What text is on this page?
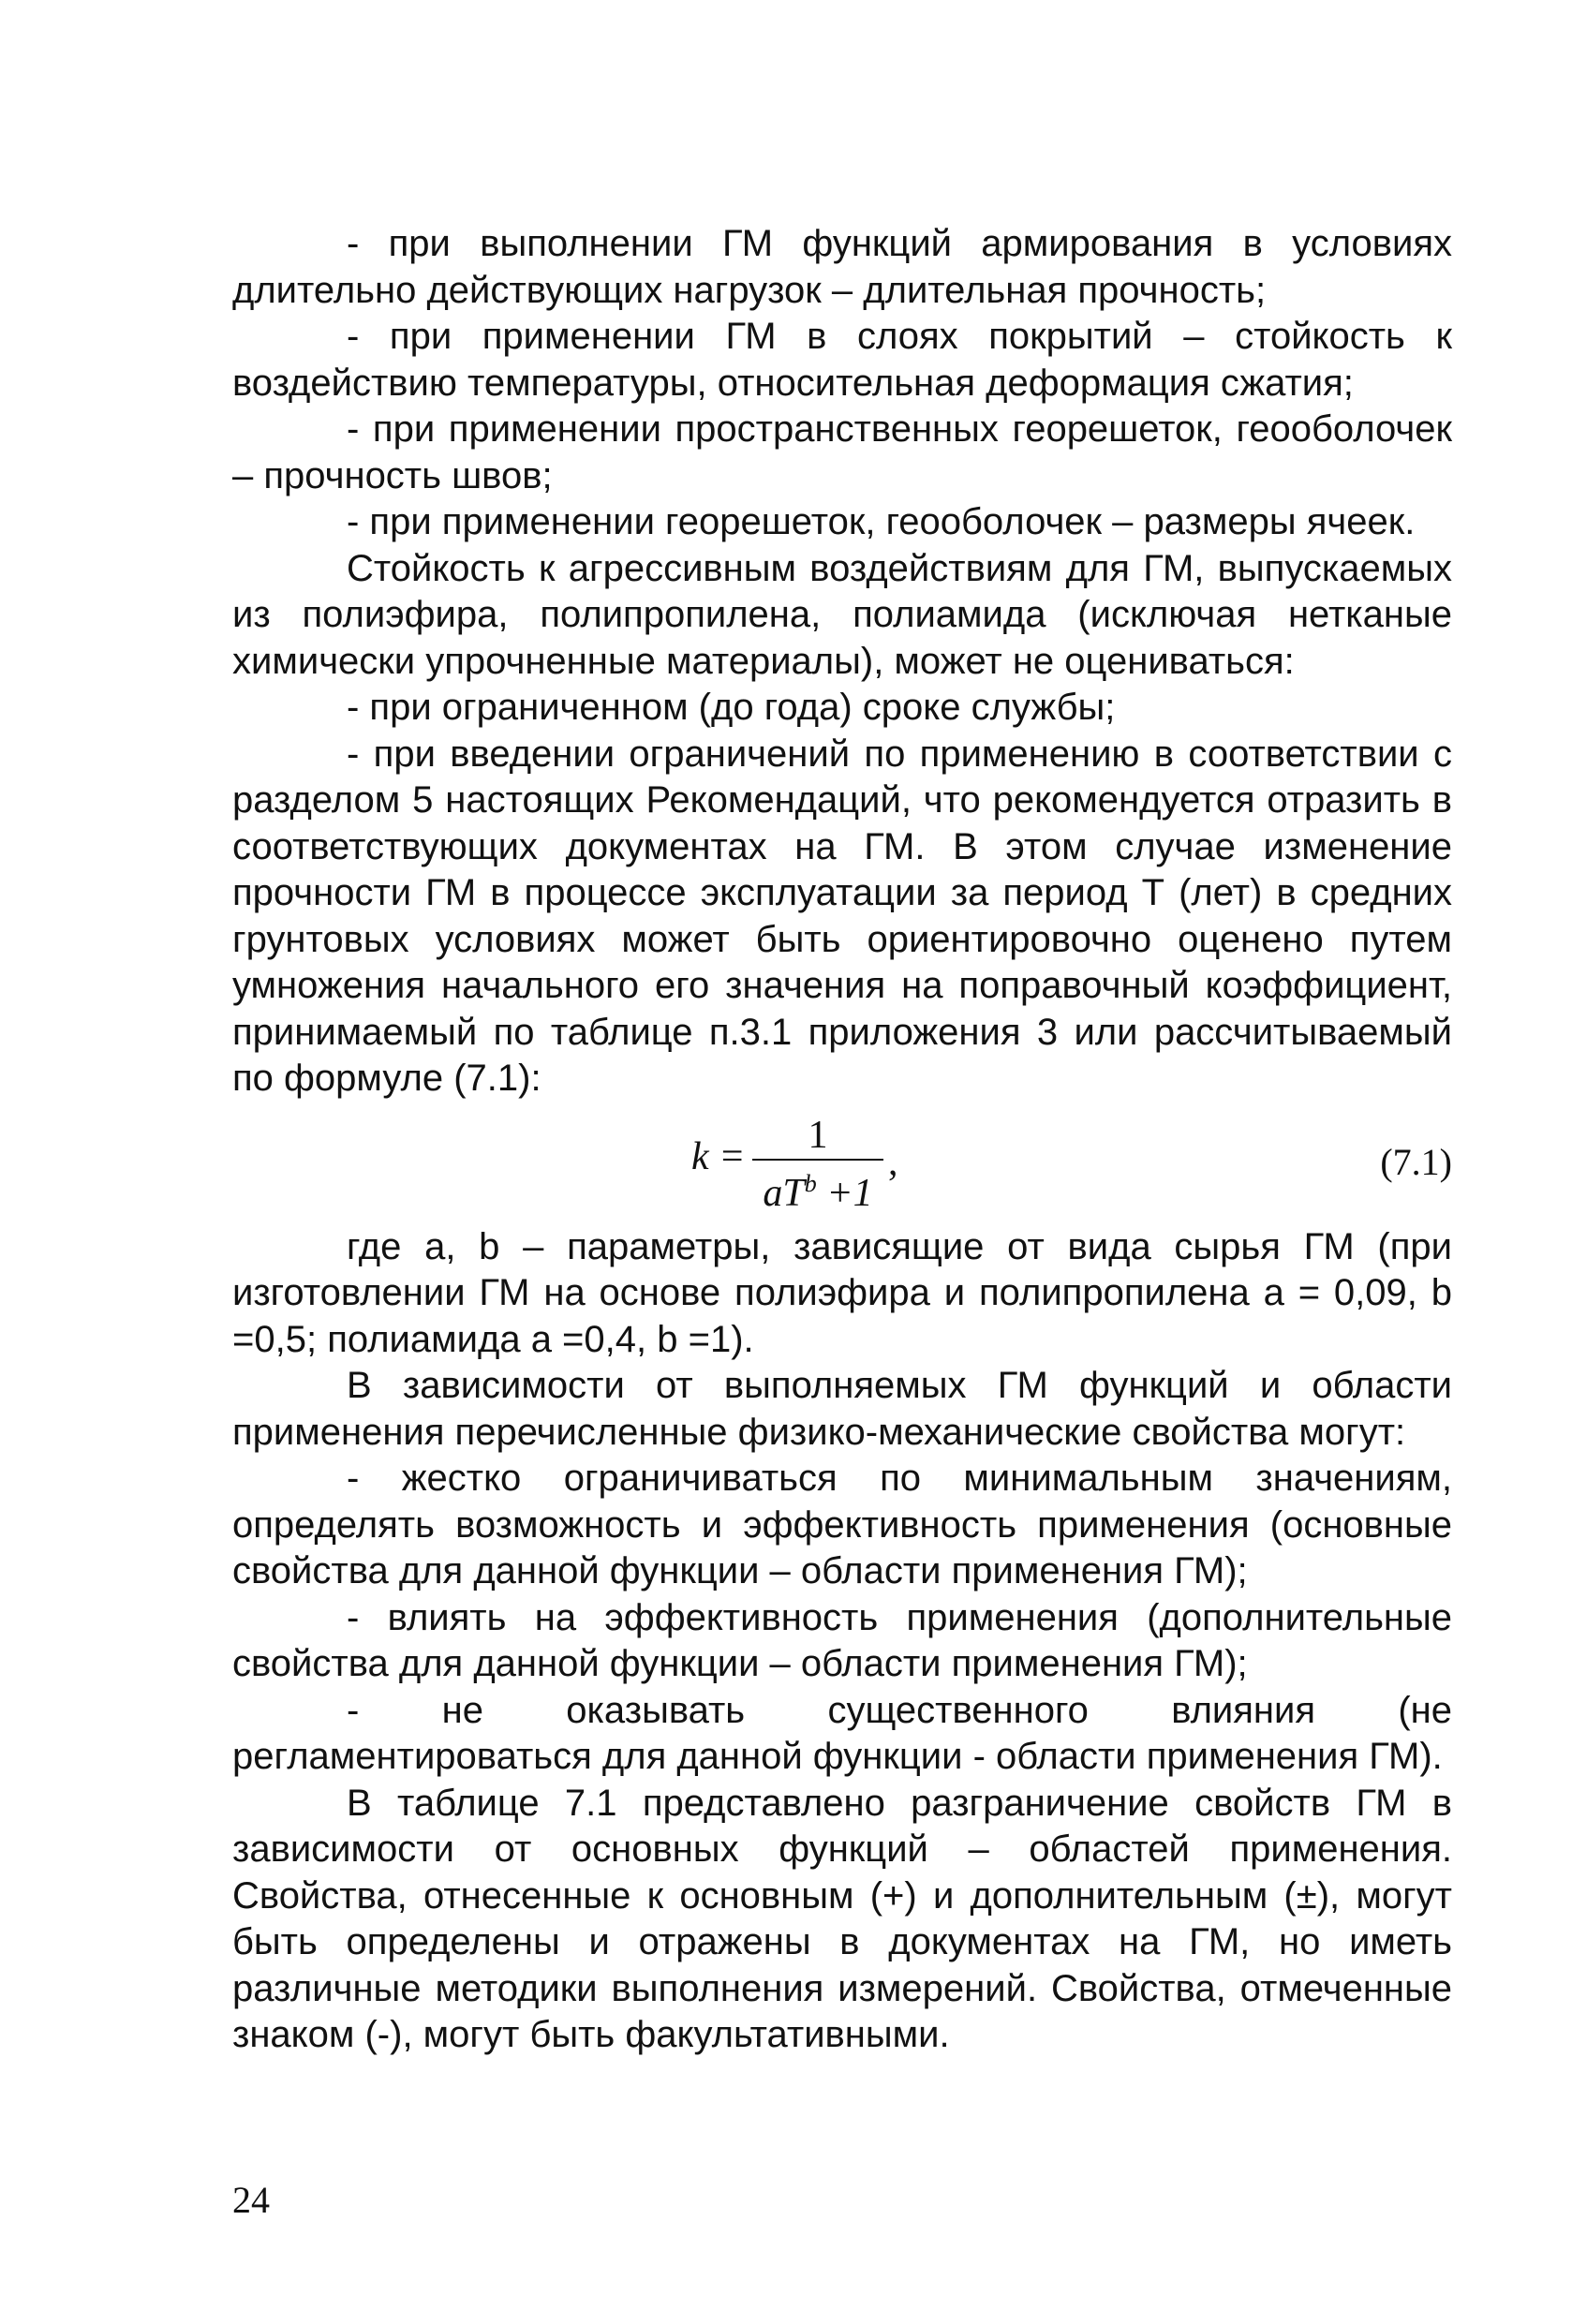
- при выполнении ГМ функций армирования в условиях длительно действующих нагрузок – длительная прочность;

- при применении ГМ в слоях покрытий – стойкость к воздействию температуры, относительная деформация сжатия;

- при применении пространственных георешеток, геооболочек – прочность швов;

- при применении георешеток, геооболочек – размеры ячеек.

Стойкость к агрессивным воздействиям для ГМ, выпускаемых из полиэфира, полипропилена, полиамида (исключая нетканые химически упрочненные материалы), может не оцениваться:

- при ограниченном (до года) сроке службы;

- при введении ограничений по применению в соответствии с разделом 5 настоящих Рекомендаций, что рекомендуется отразить в соответствующих документах на ГМ. В этом случае изменение прочности ГМ в процессе эксплуатации за период Т (лет) в средних грунтовых условиях может быть ориентировочно оценено путем умножения начального его значения на поправочный коэффициент, принимаемый по таблице п.3.1 приложения 3 или рассчитываемый по формуле (7.1):

k =	1
$aT^b +1$
,	(7.1)

где а, b – параметры, зависящие от вида сырья ГМ (при изготовлении ГМ на основе полиэфира и полипропилена а = 0,09, b =0,5; полиамида а =0,4, b =1).

В зависимости от выполняемых ГМ функций и области применения перечисленные физико-механические свойства могут:

- жестко ограничиваться по минимальным значениям, определять возможность и эффективность применения (основные свойства для данной функции – области применения ГМ);

- влиять на эффективность применения (дополнительные свойства для данной функции – области применения ГМ);

- не оказывать существенного влияния (не регламентироваться для данной функции - области применения ГМ).

В таблице 7.1 представлено разграничение свойств ГМ в зависимости от основных функций – областей применения. Свойства, отнесенные к основным (+) и дополнительным (±), могут быть определены и отражены в документах на ГМ, но иметь различные методики выполнения измерений. Свойства, отмеченные знаком (-), могут быть факультативными.

24
